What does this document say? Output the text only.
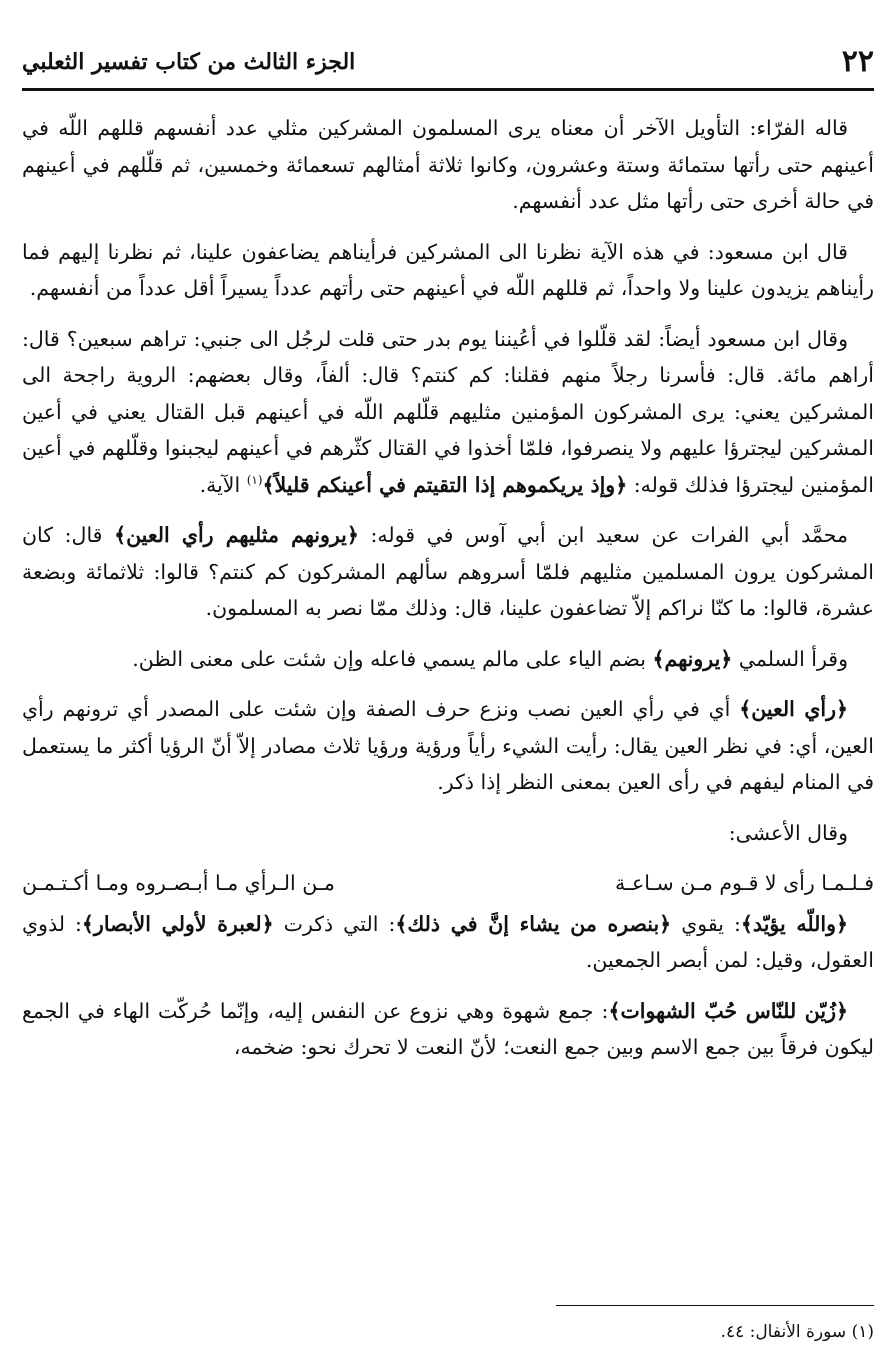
٢٢
الجزء الثالث من كتاب تفسير الثعلبي

قاله الفرّاء: التأويل الآخر أن معناه يرى المسلمون المشركين مثلي عدد أنفسهم قللهم اللّه في أعينهم حتى رأتها ستمائة وستة وعشرون، وكانوا ثلاثة أمثالهم تسعمائة وخمسين، ثم قلّلهم في أعينهم في حالة أخرى حتى رأتها مثل عدد أنفسهم.

قال ابن مسعود: في هذه الآية نظرنا الى المشركين فرأيناهم يضاعفون علينا، ثم نظرنا إليهم فما رأيناهم يزيدون علينا ولا واحداً، ثم قللهم اللّه في أعينهم حتى رأتهم عدداً يسيراً أقل عدداً من أنفسهم.

وقال ابن مسعود أيضاً: لقد قلّلوا في أعُيننا يوم بدر حتى قلت لرجُل الى جنبي: تراهم سبعين؟ قال: أراهم مائة. قال: فأسرنا رجلاً منهم فقلنا: كم كنتم؟ قال: ألفاً، وقال بعضهم: الروية راجحة الى المشركين يعني: يرى المشركون المؤمنين مثليهم قلّلهم اللّه في أعينهم قبل القتال يعني في أعين المشركين ليجترؤا عليهم ولا ينصرفوا، فلمّا أخذوا في القتال كثّرهم في أعينهم ليجبنوا وقلّلهم في أعين المؤمنين ليجترؤا فذلك قوله: ﴿وإذ يريكموهم إذا التقيتم في أعينكم قليلاً﴾$^{(١)}$ الآية.

محمَّد أبي الفرات عن سعيد ابن أبي آوس في قوله: ﴿يرونهم مثليهم رأي العين﴾ قال: كان المشركون يرون المسلمين مثليهم فلمّا أسروهم سألهم المشركون كم كنتم؟ قالوا: ثلاثمائة وبضعة عشرة، قالوا: ما كنّا نراكم إلاّ تضاعفون علينا، قال: وذلك ممّا نصر به المسلمون.

وقرأ السلمي ﴿يرونهم﴾ بضم الياء على مالم يسمي فاعله وإن شئت على معنى الظن.

﴿رأي العين﴾ أي في رأي العين نصب ونزع حرف الصفة وإن شئت على المصدر أي ترونهم رأي العين، أي: في نظر العين يقال: رأيت الشيء رأياً ورؤية ورؤيا ثلاث مصادر إلاّ أنّ الرؤيا أكثر ما يستعمل في المنام ليفهم في رأى العين بمعنى النظر إذا ذكر.

وقال الأعشى:

فـلـمـا رأى لا قـوم مـن سـاعـة
مـن الـرأي مـا أبـصـروه ومـا أكـتـمـن

﴿واللّه يؤيّد﴾: يقوي ﴿بنصره من يشاء إنَّ في ذلك﴾: التي ذكرت ﴿لعبرة لأولي الأبصار﴾: لذوي العقول، وقيل: لمن أبصر الجمعين.

﴿زُيّن للنّاس حُبّ الشهوات﴾: جمع شهوة وهي نزوع عن النفس إليه، وإنّما حُركّت الهاء في الجمع ليكون فرقاً بين جمع الاسم وبين جمع النعت؛ لأنّ النعت لا تحرك نحو: ضخمه،

(١) سورة الأنفال: ٤٤.
